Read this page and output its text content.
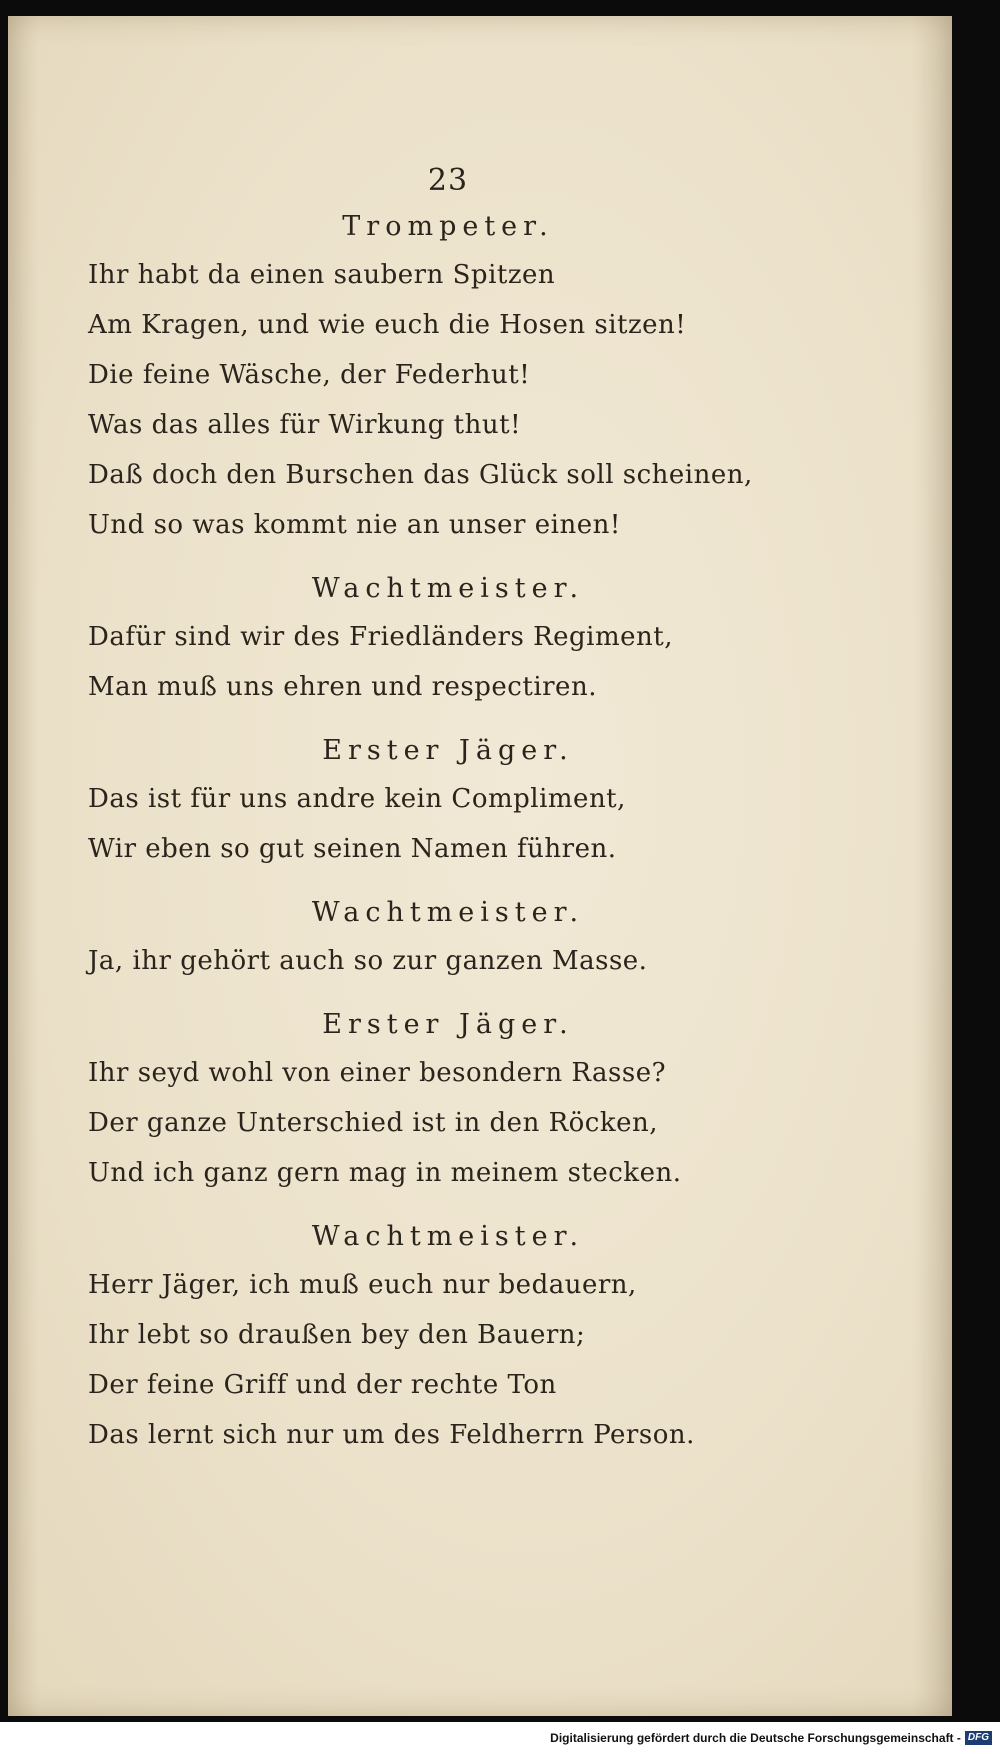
23
Trompeter.
Ihr habt da einen saubern Spitzen
Am Kragen, und wie euch die Hosen sitzen!
Die feine Wäsche, der Federhut!
Was das alles für Wirkung thut!
Daß doch den Burschen das Glück soll scheinen,
Und so was kommt nie an unser einen!
Wachtmeister.
Dafür sind wir des Friedländers Regiment,
Man muß uns ehren und respectiren.
Erster Jäger.
Das ist für uns andre kein Compliment,
Wir eben so gut seinen Namen führen.
Wachtmeister.
Ja, ihr gehört auch so zur ganzen Masse.
Erster Jäger.
Ihr seyd wohl von einer besondern Rasse?
Der ganze Unterschied ist in den Röcken,
Und ich ganz gern mag in meinem stecken.
Wachtmeister.
Herr Jäger, ich muß euch nur bedauern,
Ihr lebt so draußen bey den Bauern;
Der feine Griff und der rechte Ton
Das lernt sich nur um des Feldherrn Person.
Digitalisierung gefördert durch die Deutsche Forschungsgemeinschaft - DFG
